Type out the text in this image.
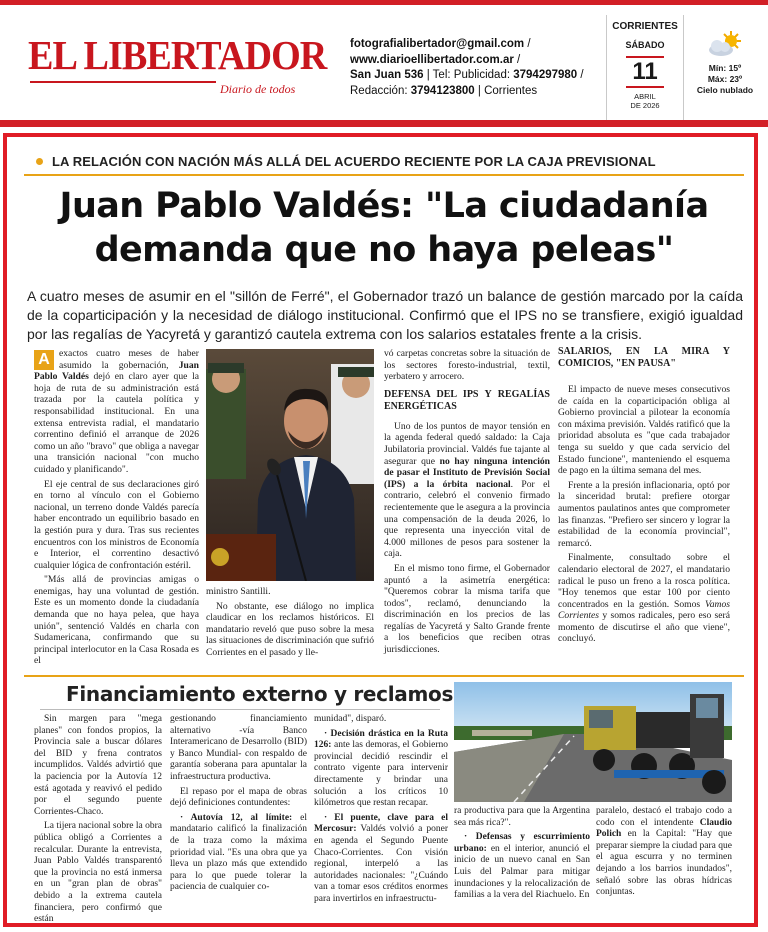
EL LIBERTADOR
Diario de todos
fotografialibertador@gmail.com /
www.diarioellibertador.com.ar /
San Juan 536 | Tel: Publicidad: 3794297980 /
Redacción: 3794123800 | Corrientes
CORRIENTES
SÁBADO
11
ABRIL
DE 2026
Mín: 15º
Máx: 23º
Cielo nublado
LA RELACIÓN CON NACIÓN MÁS ALLÁ DEL ACUERDO RECIENTE POR LA CAJA PREVISIONAL
Juan Pablo Valdés: "La ciudadanía
demanda que no haya peleas"
A cuatro meses de asumir en el "sillón de Ferré", el Gobernador trazó un balance de gestión marcado por la caída de la coparticipación y la necesidad de diálogo institucional. Confirmó que el IPS no se transfiere, exigió igualdad por las regalías de Yacyretá y garantizó cautela extrema con los salarios estatales frente a la crisis.

A exactos cuatro meses de haber asumido la gobernación, Juan Pablo Valdés dejó en claro ayer que la hoja de ruta de su administración está trazada por la cautela política y responsabilidad institucional. En una extensa entrevista radial, el mandatario correntino definió el arranque de 2026 como un año "bravo" que obliga a navegar una transición nacional "con mucho cuidado y planificando".

El eje central de sus declaraciones giró en torno al vínculo con el Gobierno nacional, un terreno donde Valdés parecía haber encontrado un equilibrio basado en la gestión pura y dura. Tras sus recientes encuentros con los ministros de Economía e Interior, el correntino desactivó cualquier lógica de confrontación estéril.

"Más allá de provincias amigas o enemigas, hay una voluntad de gestión. Este es un momento donde la ciudadanía demanda que no haya pelea, que haya unión", sentenció Valdés en charla con Sudamericana, confirmando que su principal interlocutor en la Casa Rosada es el

ministro Santilli.

No obstante, ese diálogo no implica claudicar en los reclamos históricos. El mandatario reveló que puso sobre la mesa las situaciones de discriminación que sufrió Corrientes en el pasado y lle-

vó carpetas concretas sobre la situación de los sectores foresto-industrial, textil, yerbatero y arrocero.

DEFENSA DEL IPS Y REGALÍAS ENERGÉTICAS

Uno de los puntos de mayor tensión en la agenda federal quedó saldado: la Caja Jubilatoria provincial. Valdés fue tajante al asegurar que no hay ninguna intención de pasar el Instituto de Previsión Social (IPS) a la órbita nacional. Por el contrario, celebró el convenio firmado recientemente que le asegura a la provincia una compensación de la deuda 2026, lo que representa una inyección vital de 4.000 millones de pesos para sostener la caja.

En el mismo tono firme, el Gobernador apuntó a la asimetría energética: "Queremos cobrar la misma tarifa que todos", reclamó, denunciando la discriminación en los precios de las regalías de Yacyretá y Salto Grande frente a los beneficios que reciben otras jurisdicciones.

SALARIOS, EN LA MIRA Y COMICIOS, "EN PAUSA"

El impacto de nueve meses consecutivos de caída en la coparticipación obliga al Gobierno provincial a pilotear la economía con máxima previsión. Valdés ratificó que la prioridad absoluta es "que cada trabajador tenga su sueldo y que cada servicio del Estado funcione", manteniendo el esquema de pago en la última semana del mes.

Frente a la presión inflacionaria, optó por la sinceridad brutal: prefiere otorgar aumentos paulatinos antes que comprometer las finanzas. "Prefiero ser sincero y lograr la estabilidad de la economía provincial", remarcó.

Finalmente, consultado sobre el calendario electoral de 2027, el mandatario radical le puso un freno a la rosca política. "Hoy tenemos que estar 100 por ciento concentrados en la gestión. Somos Vamos Corrientes y somos radicales, pero eso será momento de discutirse el año que viene", concluyó.

Financiamiento externo y reclamos

Sin margen para "mega planes" con fondos propios, la Provincia sale a buscar dólares del BID y frena contratos incumplidos. Valdés advirtió que la paciencia por la Autovía 12 está agotada y reavivó el pedido por el segundo puente Corrientes-Chaco.

La tijera nacional sobre la obra pública obligó a Corrientes a recalcular. Durante la entrevista, Juan Pablo Valdés transparentó que la provincia no está inmersa en un "gran plan de obras" debido a la extrema cautela financiera, pero confirmó que están

gestionando financiamiento alternativo -vía Banco Interamericano de Desarrollo (BID) y Banco Mundial- con respaldo de garantía soberana para apuntalar la infraestructura productiva.

El repaso por el mapa de obras dejó definiciones contundentes:

· Autovía 12, al límite: el mandatario calificó la finalización de la traza como la máxima prioridad vial. "Es una obra que ya lleva un plazo más que extendido para lo que puede tolerar la paciencia de cualquier co-

munidad", disparó.

· Decisión drástica en la Ruta 126: ante las demoras, el Gobierno provincial decidió rescindir el contrato vigente para intervenir directamente y brindar una solución a los críticos 10 kilómetros que restan recapar.

· El puente, clave para el Mercosur: Valdés volvió a poner en agenda el Segundo Puente Chaco-Corrientes. Con visión regional, interpeló a las autoridades nacionales: "¿Cuándo van a tomar esos créditos enormes para invertirlos en infraestructu-

ra productiva para que la Argentina sea más rica?".

· Defensas y escurrimiento urbano: en el interior, anunció el inicio de un nuevo canal en San Luis del Palmar para mitigar inundaciones y la relocalización de familias a la vera del Riachuelo. En

paralelo, destacó el trabajo codo a codo con el intendente Claudio Polich en la Capital: "Hay que preparar siempre la ciudad para que el agua escurra y no terminen dejando a los barrios inundados", señaló sobre las obras hídricas conjuntas.
